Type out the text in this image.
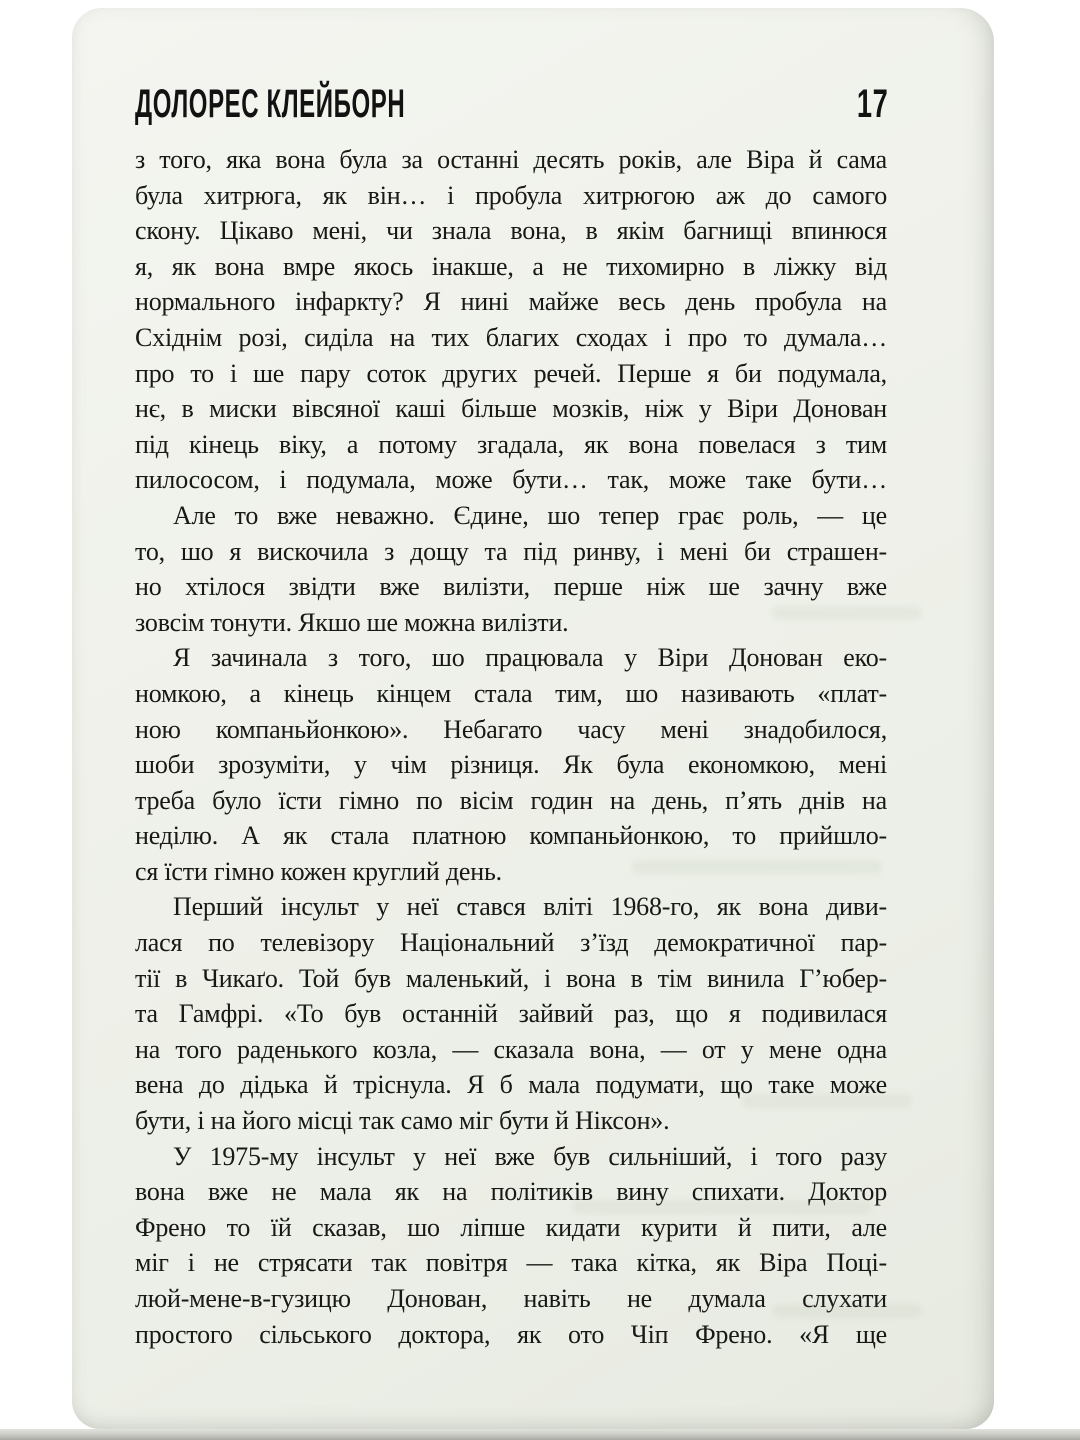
ДОЛОРЕС КЛЕЙБОРН	17
з того, яка вона була за останні десять років, але Віра й сама
була хитрюга, як він… і пробула хитрюгою аж до самого
скону. Цікаво мені, чи знала вона, в якім багнищі впинюся
я, як вона вмре якось інакше, а не тихомирно в ліжку від
нормального інфаркту? Я нині майже весь день пробула на
Східнім розі, сиділа на тих благих сходах і про то думала…
про то і ше пару соток других речей. Перше я би подумала,
нє, в миски вівсяної каші більше мозків, ніж у Віри Донован
під кінець віку, а потому згадала, як вона повелася з тим
пилососом, і подумала, може бути… так, може таке бути…
Але то вже неважно. Єдине, шо тепер грає роль, — це
то, шо я вискочила з дощу та під ринву, і мені би страшен-
но хтілося звідти вже вилізти, перше ніж ше зачну вже
зовсім тонути. Якшо ше можна вилізти.
Я зачинала з того, шо працювала у Віри Донован еко-
номкою, а кінець кінцем стала тим, шо називають «плат-
ною компаньйонкою». Небагато часу мені знадобилося,
шоби зрозуміти, у чім різниця. Як була економкою, мені
треба було їсти гімно по вісім годин на день, п’ять днів на
неділю. А як стала платною компаньйонкою, то прийшло-
ся їсти гімно кожен круглий день.
Перший інсульт у неї стався вліті 1968-го, як вона диви-
лася по телевізору Національний з’їзд демократичної пар-
тії в Чикаґо. Той був маленький, і вона в тім винила Г’юбер-
та Гамфрі. «То був останній зайвий раз, що я подивилася
на того раденького козла, — сказала вона, — от у мене одна
вена до дідька й тріснула. Я б мала подумати, що таке може
бути, і на його місці так само міг бути й Ніксон».
У 1975-му інсульт у неї вже був сильніший, і того разу
вона вже не мала як на політиків вину спихати. Доктор
Френо то їй сказав, шо ліпше кидати курити й пити, але
міг і не стрясати так повітря — така кітка, як Віра Поці-
люй-мене-в-гузицю Донован, навіть не думала слухати
простого сільського доктора, як ото Чіп Френо. «Я ще
